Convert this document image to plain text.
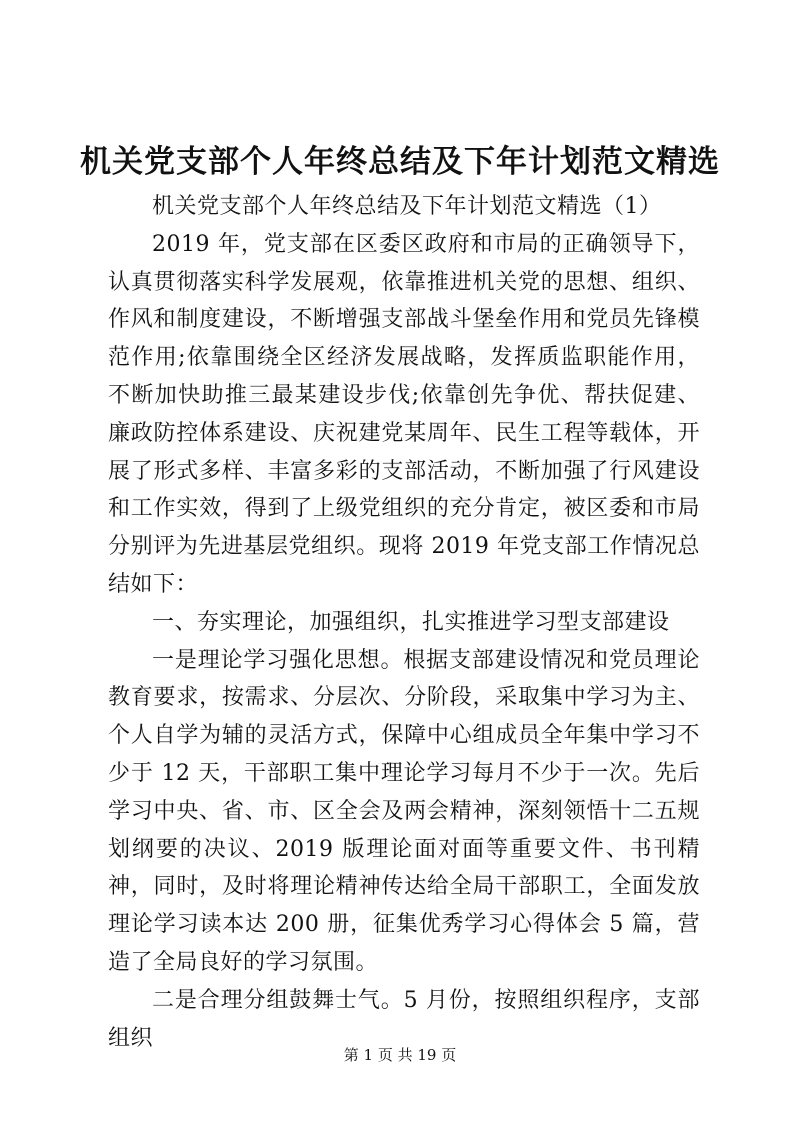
机关党支部个人年终总结及下年计划范文精选

机关党支部个人年终总结及下年计划范文精选（1）

2019 年，党支部在区委区政府和市局的正确领导下，认真贯彻落实科学发展观，依靠推进机关党的思想、组织、作风和制度建设，不断增强支部战斗堡垒作用和党员先锋模范作用;依靠围绕全区经济发展战略，发挥质监职能作用，不断加快助推三最某建设步伐;依靠创先争优、帮扶促建、廉政防控体系建设、庆祝建党某周年、民生工程等载体，开展了形式多样、丰富多彩的支部活动，不断加强了行风建设和工作实效，得到了上级党组织的充分肯定，被区委和市局分别评为先进基层党组织。现将 2019 年党支部工作情况总结如下：

一、夯实理论，加强组织，扎实推进学习型支部建设

一是理论学习强化思想。根据支部建设情况和党员理论教育要求，按需求、分层次、分阶段，采取集中学习为主、个人自学为辅的灵活方式，保障中心组成员全年集中学习不少于 12 天，干部职工集中理论学习每月不少于一次。先后学习中央、省、市、区全会及两会精神，深刻领悟十二五规划纲要的决议、2019 版理论面对面等重要文件、书刊精神，同时，及时将理论精神传达给全局干部职工，全面发放理论学习读本达 200 册，征集优秀学习心得体会 5 篇，营造了全局良好的学习氛围。

二是合理分组鼓舞士气。5 月份，按照组织程序，支部组织

第 1 页 共 19 页
